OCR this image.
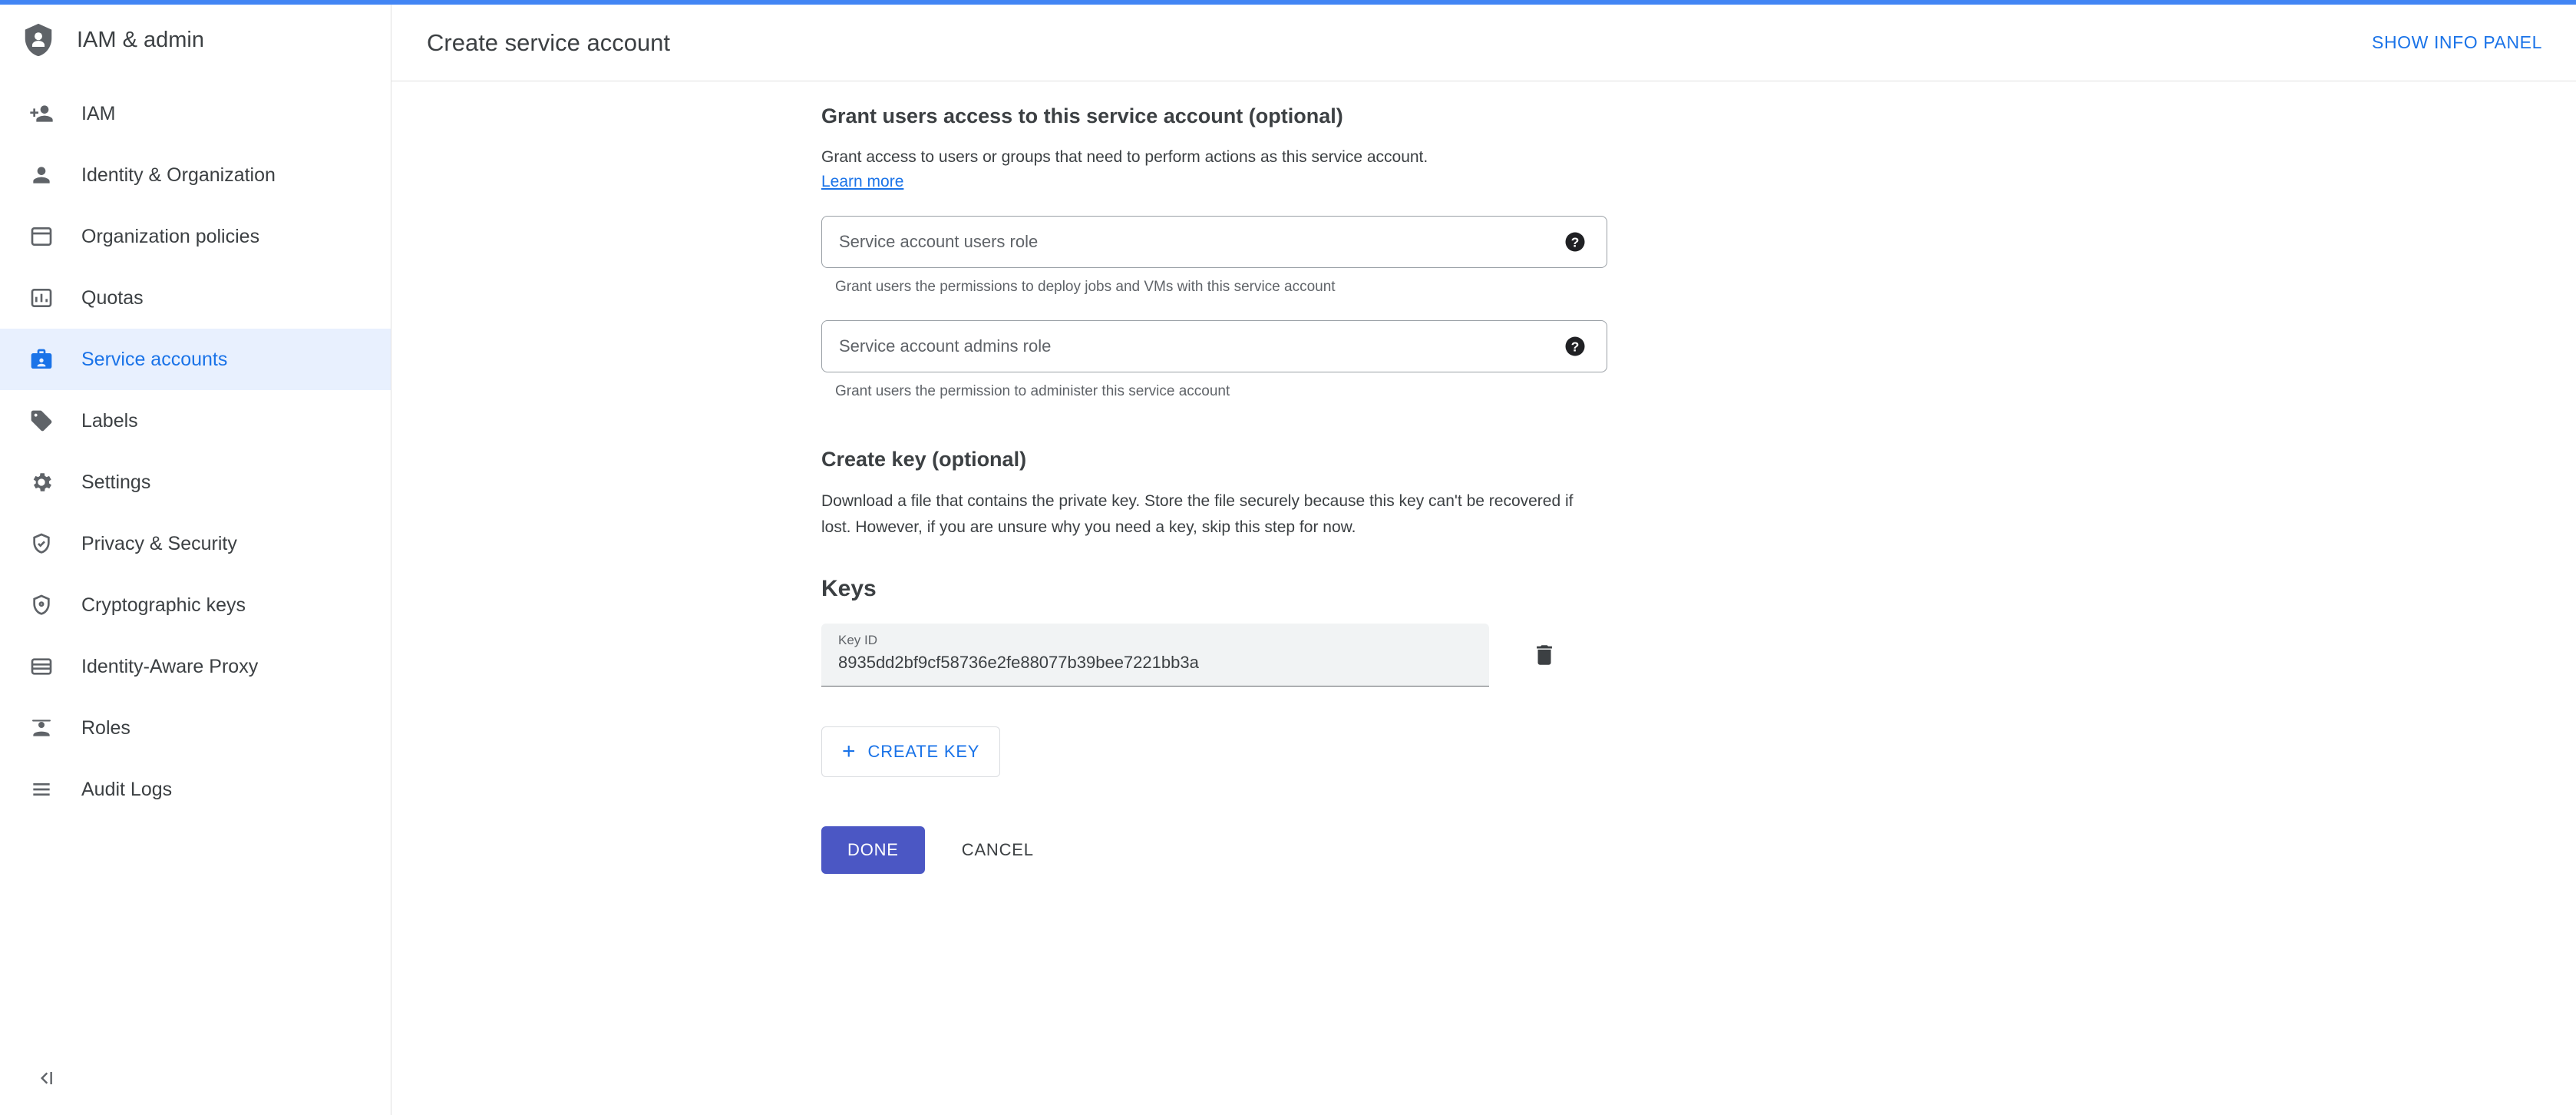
IAM & admin
IAM
Identity & Organization
Organization policies
Quotas
Service accounts
Labels
Settings
Privacy & Security
Cryptographic keys
Identity-Aware Proxy
Roles
Audit Logs
Create service account	SHOW INFO PANEL
Grant users access to this service account (optional)

Grant access to users or groups that need to perform actions as this service account.

Learn more
Service account users role	?
Grant users the permissions to deploy jobs and VMs with this service account
Service account admins role	?
Grant users the permission to administer this service account
Create key (optional)

Download a file that contains the private key. Store the file securely because this key can't be recovered if lost. However, if you are unsure why you need a key, skip this step for now.

Keys
Key ID
8935dd2bf9cf58736e2fe88077b39bee7221bb3a
+ CREATE KEY
DONE	CANCEL
